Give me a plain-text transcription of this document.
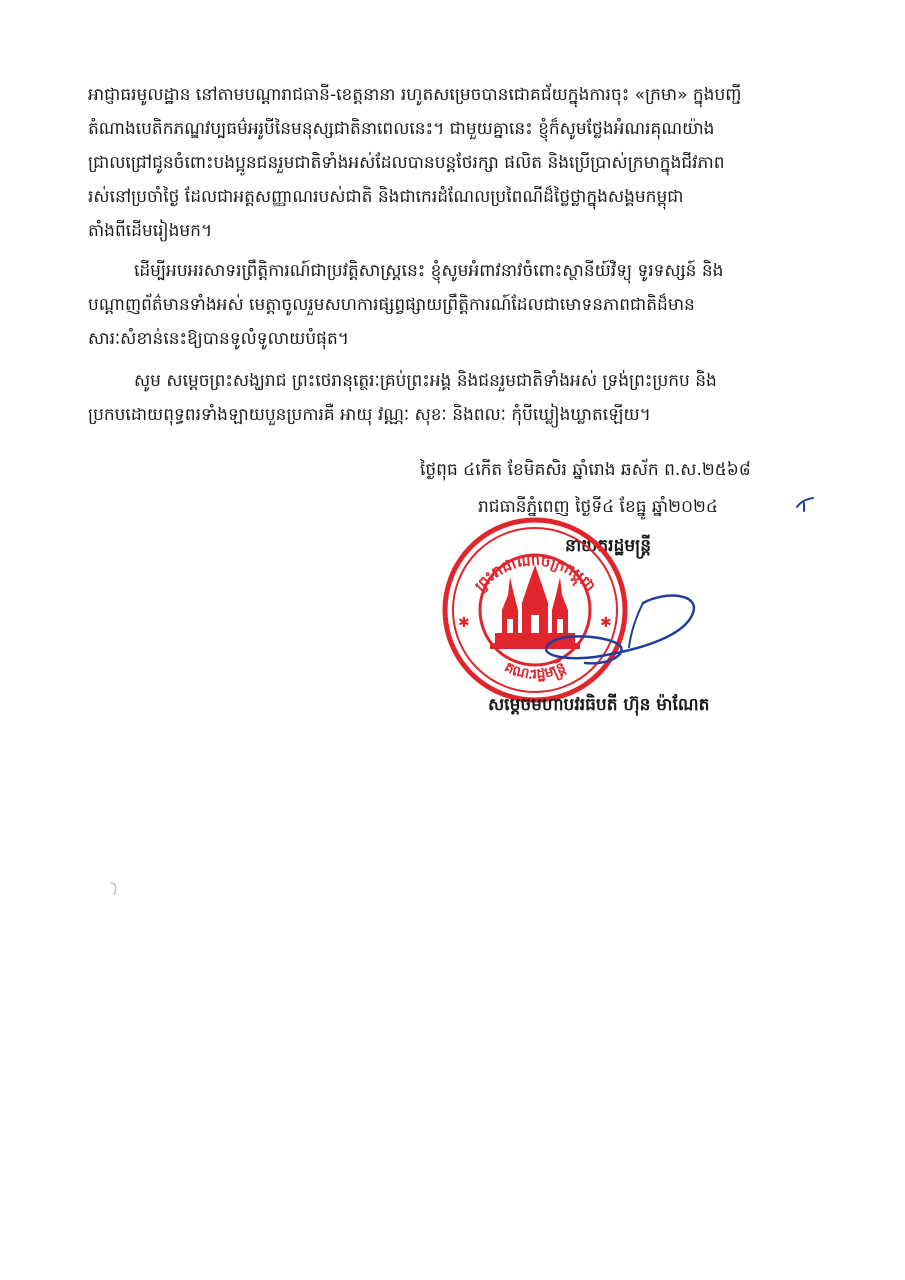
អាជ្ញាធរមូលដ្ឋាន នៅតាមបណ្តារាជធានី-ខេត្តនានា រហូតសម្រេចបានជោគជ័យក្នុងការចុះ «ក្រមា» ក្នុងបញ្ជី
តំណាងបេតិកភណ្ឌវប្បធម៌អរូបីនៃមនុស្សជាតិនាពេលនេះ។ ជាមួយគ្នានេះ ខ្ញុំក៏សូមថ្លែងអំណរគុណយ៉ាង
ជ្រាលជ្រៅជូនចំពោះបងប្អូនជនរួមជាតិទាំងអស់ដែលបានបន្តថែរក្សា ផលិត និងប្រើប្រាស់ក្រមាក្នុងជីវភាព
រស់នៅប្រចាំថ្ងៃ ដែលជាអត្តសញ្ញាណរបស់ជាតិ និងជាកេរដំណែលប្រពៃណីដ៏ថ្លៃថ្លាក្នុងសង្គមកម្ពុជា
តាំងពីដើមរៀងមក។
ដើម្បីអបអរសាទរព្រឹត្តិការណ៍ជាប្រវត្តិសាស្ត្រនេះ ខ្ញុំសូមអំពាវនាវចំពោះស្ថានីយ៍វិទ្យុ ទូរទស្សន៍ និង
បណ្តាញព័ត៌មានទាំងអស់ មេត្តាចូលរួមសហការផ្សព្វផ្សាយព្រឹត្តិការណ៍ដែលជាមោទនភាពជាតិដ៏មាន
សារៈសំខាន់នេះឱ្យបានទូលំទូលាយបំផុត។
សូម សម្តេចព្រះសង្ឃរាជ ព្រះថេរានុត្ថេរៈគ្រប់ព្រះអង្គ និងជនរួមជាតិទាំងអស់ ទ្រង់ព្រះប្រកប និង
ប្រកបដោយពុទ្ធពរទាំងឡាយបួនប្រការគឺ អាយុ វណ្ណៈ សុខៈ និងពលៈ កុំបីឃ្លៀងឃ្លាតឡើយ។
ថ្ងៃពុធ ៤កើត ខែមិគសិរ ឆ្នាំរោង ឆស័ក ព.ស.២៥៦៨
រាជធានីភ្នំពេញ ថ្ងៃទី៤ ខែធ្នូ ឆ្នាំ២០២៤
នាយករដ្ឋមន្ត្រី
ព្រះរាជាណាចក្រកម្ពុជា
គណៈរដ្ឋមន្ត្រី
✱	✱
សម្តេចមហាបវរធិបតី ហ៊ុន ម៉ាណែត
